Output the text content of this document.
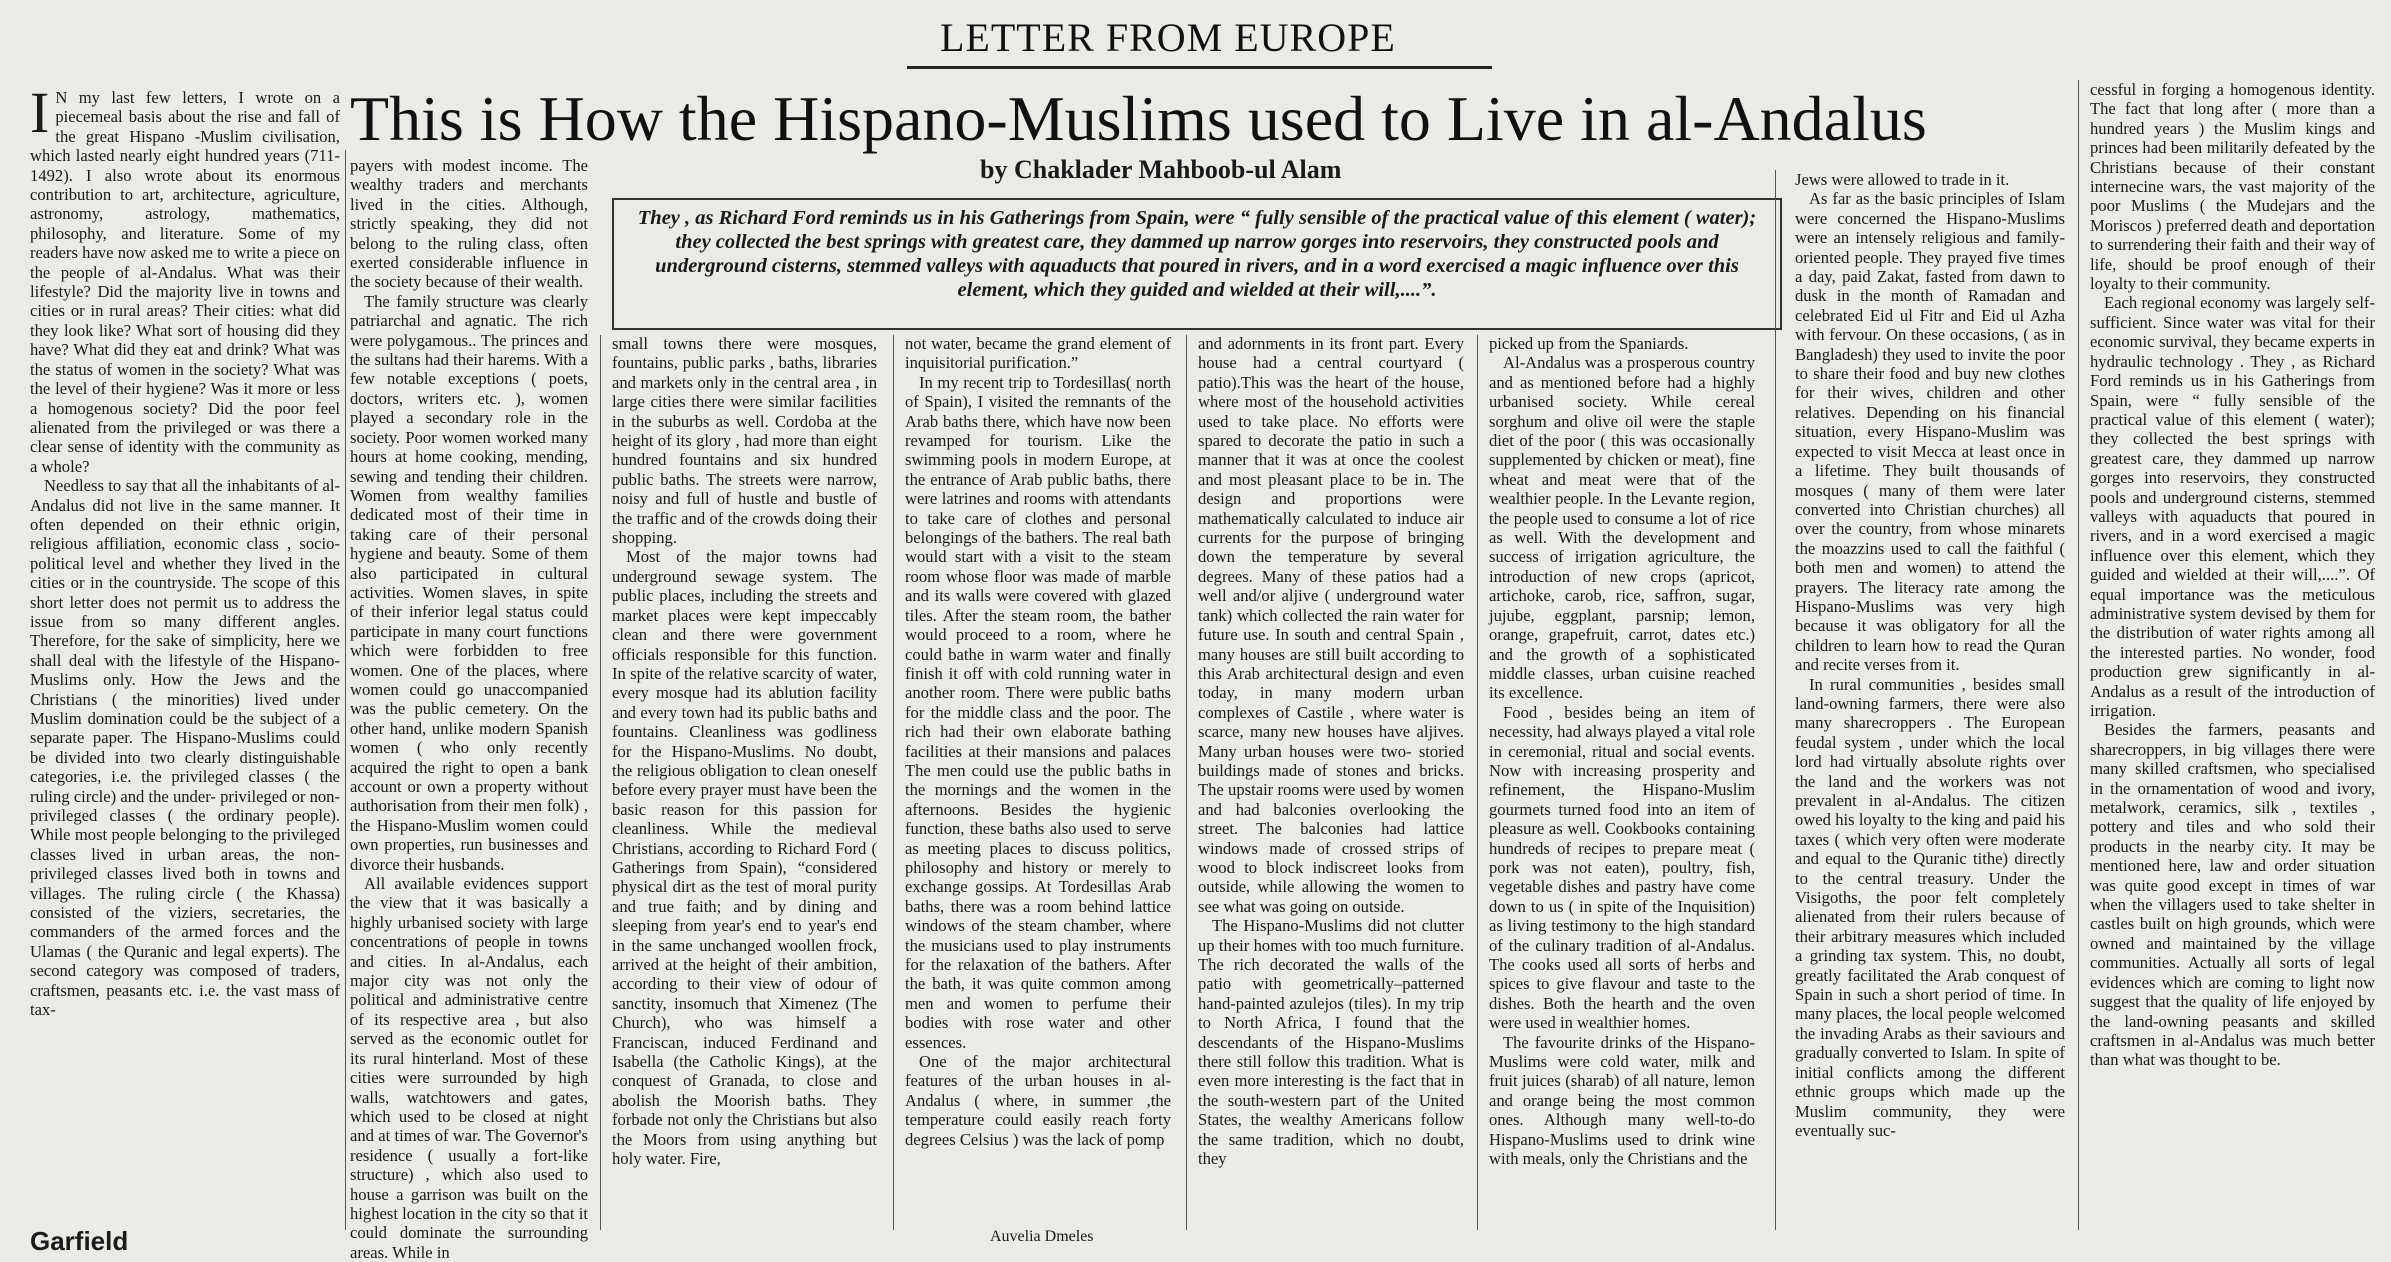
LETTER FROM EUROPE
This is How the Hispano-Muslims used to Live in al-Andalus
by Chaklader Mahboob-ul Alam
They , as Richard Ford reminds us in his Gatherings from Spain, were “ fully sensible of the practical value of this element ( water); they collected the best springs with greatest care, they dammed up narrow gorges into reservoirs, they constructed pools and underground cisterns, stemmed valleys with aquaducts that poured in rivers, and in a word exercised a magic influence over this element, which they guided and wielded at their will,....”.

I N my last few letters, I wrote on a piecemeal basis about the rise and fall of the great Hispano -Muslim civilisation, which lasted nearly eight hundred years (711- 1492). I also wrote about its enormous contribution to art, architecture, agriculture, astronomy, astrology, mathematics, philosophy, and literature. Some of my readers have now asked me to write a piece on the people of al-Andalus. What was their lifestyle? Did the majority live in towns and cities or in rural areas? Their cities: what did they look like? What sort of housing did they have? What did they eat and drink? What was the status of women in the society? What was the level of their hygiene? Was it more or less a homogenous society? Did the poor feel alienated from the privileged or was there a clear sense of identity with the community as a whole?

Needless to say that all the inhabitants of al-Andalus did not live in the same manner. It often depended on their ethnic origin, religious affiliation, economic class , socio-political level and whether they lived in the cities or in the countryside. The scope of this short letter does not permit us to address the issue from so many different angles. Therefore, for the sake of simplicity, here we shall deal with the lifestyle of the Hispano-Muslims only. How the Jews and the Christians ( the minorities) lived under Muslim domination could be the subject of a separate paper. The Hispano-Muslims could be divided into two clearly distinguishable categories, i.e. the privileged classes ( the ruling circle) and the under- privileged or non- privileged classes ( the ordinary people). While most people belonging to the privileged classes lived in urban areas, the non-privileged classes lived both in towns and villages. The ruling circle ( the Khassa) consisted of the viziers, secretaries, the commanders of the armed forces and the Ulamas ( the Quranic and legal experts). The second category was composed of traders, craftsmen, peasants etc. i.e. the vast mass of tax-

payers with modest income. The wealthy traders and merchants lived in the cities. Although, strictly speaking, they did not belong to the ruling class, often exerted considerable influence in the society because of their wealth.

The family structure was clearly patriarchal and agnatic. The rich were polygamous.. The princes and the sultans had their harems. With a few notable exceptions ( poets, doctors, writers etc. ), women played a secondary role in the society. Poor women worked many hours at home cooking, mending, sewing and tending their children. Women from wealthy families dedicated most of their time in taking care of their personal hygiene and beauty. Some of them also participated in cultural activities. Women slaves, in spite of their inferior legal status could participate in many court functions which were forbidden to free women. One of the places, where women could go unaccompanied was the public cemetery. On the other hand, unlike modern Spanish women ( who only recently acquired the right to open a bank account or own a property without authorisation from their men folk) , the Hispano-Muslim women could own properties, run businesses and divorce their husbands.

All available evidences support the view that it was basically a highly urbanised society with large concentrations of people in towns and cities. In al-Andalus, each major city was not only the political and administrative centre of its respective area , but also served as the economic outlet for its rural hinterland. Most of these cities were surrounded by high walls, watchtowers and gates, which used to be closed at night and at times of war. The Governor's residence ( usually a fort-like structure) , which also used to house a garrison was built on the highest location in the city so that it could dominate the surrounding areas. While in

small towns there were mosques, fountains, public parks , baths, libraries and markets only in the central area , in large cities there were similar facilities in the suburbs as well. Cordoba at the height of its glory , had more than eight hundred fountains and six hundred public baths. The streets were narrow, noisy and full of hustle and bustle of the traffic and of the crowds doing their shopping.

Most of the major towns had underground sewage system. The public places, including the streets and market places were kept impeccably clean and there were government officials responsible for this function. In spite of the relative scarcity of water, every mosque had its ablution facility and every town had its public baths and fountains. Cleanliness was godliness for the Hispano-Muslims. No doubt, the religious obligation to clean oneself before every prayer must have been the basic reason for this passion for cleanliness. While the medieval Christians, according to Richard Ford ( Gatherings from Spain), “considered physical dirt as the test of moral purity and true faith; and by dining and sleeping from year's end to year's end in the same unchanged woollen frock, arrived at the height of their ambition, according to their view of odour of sanctity, insomuch that Ximenez (The Church), who was himself a Franciscan, induced Ferdinand and Isabella (the Catholic Kings), at the conquest of Granada, to close and abolish the Moorish baths. They forbade not only the Christians but also the Moors from using anything but holy water. Fire,

not water, became the grand element of inquisitorial purification.”

In my recent trip to Tordesillas( north of Spain), I visited the remnants of the Arab baths there, which have now been revamped for tourism. Like the swimming pools in modern Europe, at the entrance of Arab public baths, there were latrines and rooms with attendants to take care of clothes and personal belongings of the bathers. The real bath would start with a visit to the steam room whose floor was made of marble and its walls were covered with glazed tiles. After the steam room, the bather would proceed to a room, where he could bathe in warm water and finally finish it off with cold running water in another room. There were public baths for the middle class and the poor. The rich had their own elaborate bathing facilities at their mansions and palaces The men could use the public baths in the mornings and the women in the afternoons. Besides the hygienic function, these baths also used to serve as meeting places to discuss politics, philosophy and history or merely to exchange gossips. At Tordesillas Arab baths, there was a room behind lattice windows of the steam chamber, where the musicians used to play instruments for the relaxation of the bathers. After the bath, it was quite common among men and women to perfume their bodies with rose water and other essences.

One of the major architectural features of the urban houses in al- Andalus ( where, in summer ,the temperature could easily reach forty degrees Celsius ) was the lack of pomp

and adornments in its front part. Every house had a central courtyard ( patio).This was the heart of the house, where most of the household activities used to take place. No efforts were spared to decorate the patio in such a manner that it was at once the coolest and most pleasant place to be in. The design and proportions were mathematically calculated to induce air currents for the purpose of bringing down the temperature by several degrees. Many of these patios had a well and/or aljive ( underground water tank) which collected the rain water for future use. In south and central Spain , many houses are still built according to this Arab architectural design and even today, in many modern urban complexes of Castile , where water is scarce, many new houses have aljives. Many urban houses were two- storied buildings made of stones and bricks. The upstair rooms were used by women and had balconies overlooking the street. The balconies had lattice windows made of crossed strips of wood to block indiscreet looks from outside, while allowing the women to see what was going on outside.

The Hispano-Muslims did not clutter up their homes with too much furniture. The rich decorated the walls of the patio with geometrically–patterned hand-painted azulejos (tiles). In my trip to North Africa, I found that the descendants of the Hispano-Muslims there still follow this tradition. What is even more interesting is the fact that in the south-western part of the United States, the wealthy Americans follow the same tradition, which no doubt, they

picked up from the Spaniards.

Al-Andalus was a prosperous country and as mentioned before had a highly urbanised society. While cereal sorghum and olive oil were the staple diet of the poor ( this was occasionally supplemented by chicken or meat), fine wheat and meat were that of the wealthier people. In the Levante region, the people used to consume a lot of rice as well. With the development and success of irrigation agriculture, the introduction of new crops (apricot, artichoke, carob, rice, saffron, sugar, jujube, eggplant, parsnip; lemon, orange, grapefruit, carrot, dates etc.) and the growth of a sophisticated middle classes, urban cuisine reached its excellence.

Food , besides being an item of necessity, had always played a vital role in ceremonial, ritual and social events. Now with increasing prosperity and refinement, the Hispano-Muslim gourmets turned food into an item of pleasure as well. Cookbooks containing hundreds of recipes to prepare meat ( pork was not eaten), poultry, fish, vegetable dishes and pastry have come down to us ( in spite of the Inquisition) as living testimony to the high standard of the culinary tradition of al-Andalus. The cooks used all sorts of herbs and spices to give flavour and taste to the dishes. Both the hearth and the oven were used in wealthier homes.

The favourite drinks of the Hispano-Muslims were cold water, milk and fruit juices (sharab) of all nature, lemon and orange being the most common ones. Although many well-to-do Hispano-Muslims used to drink wine with meals, only the Christians and the

Jews were allowed to trade in it.

As far as the basic principles of Islam were concerned the Hispano-Muslims were an intensely religious and family-oriented people. They prayed five times a day, paid Zakat, fasted from dawn to dusk in the month of Ramadan and celebrated Eid ul Fitr and Eid ul Azha with fervour. On these occasions, ( as in Bangladesh) they used to invite the poor to share their food and buy new clothes for their wives, children and other relatives. Depending on his financial situation, every Hispano-Muslim was expected to visit Mecca at least once in a lifetime. They built thousands of mosques ( many of them were later converted into Christian churches) all over the country, from whose minarets the moazzins used to call the faithful ( both men and women) to attend the prayers. The literacy rate among the Hispano-Muslims was very high because it was obligatory for all the children to learn how to read the Quran and recite verses from it.

In rural communities , besides small land-owning farmers, there were also many sharecroppers . The European feudal system , under which the local lord had virtually absolute rights over the land and the workers was not prevalent in al-Andalus. The citizen owed his loyalty to the king and paid his taxes ( which very often were moderate and equal to the Quranic tithe) directly to the central treasury. Under the Visigoths, the poor felt completely alienated from their rulers because of their arbitrary measures which included a grinding tax system. This, no doubt, greatly facilitated the Arab conquest of Spain in such a short period of time. In many places, the local people welcomed the invading Arabs as their saviours and gradually converted to Islam. In spite of initial conflicts among the different ethnic groups which made up the Muslim community, they were eventually suc-

cessful in forging a homogenous identity. The fact that long after ( more than a hundred years ) the Muslim kings and princes had been militarily defeated by the Christians because of their constant internecine wars, the vast majority of the poor Muslims ( the Mudejars and the Moriscos ) preferred death and deportation to surrendering their faith and their way of life, should be proof enough of their loyalty to their community.

Each regional economy was largely self-sufficient. Since water was vital for their economic survival, they became experts in hydraulic technology . They , as Richard Ford reminds us in his Gatherings from Spain, were “ fully sensible of the practical value of this element ( water); they collected the best springs with greatest care, they dammed up narrow gorges into reservoirs, they constructed pools and underground cisterns, stemmed valleys with aquaducts that poured in rivers, and in a word exercised a magic influence over this element, which they guided and wielded at their will,....”. Of equal importance was the meticulous administrative system devised by them for the distribution of water rights among all the interested parties. No wonder, food production grew significantly in al-Andalus as a result of the introduction of irrigation.

Besides the farmers, peasants and sharecroppers, in big villages there were many skilled craftsmen, who specialised in the ornamentation of wood and ivory, metalwork, ceramics, silk , textiles , pottery and tiles and who sold their products in the nearby city. It may be mentioned here, law and order situation was quite good except in times of war when the villagers used to take shelter in castles built on high grounds, which were owned and maintained by the village communities. Actually all sorts of legal evidences which are coming to light now suggest that the quality of life enjoyed by the land-owning peasants and skilled craftsmen in al-Andalus was much better than what was thought to be.

Garfield	Auvelia Dmeles
